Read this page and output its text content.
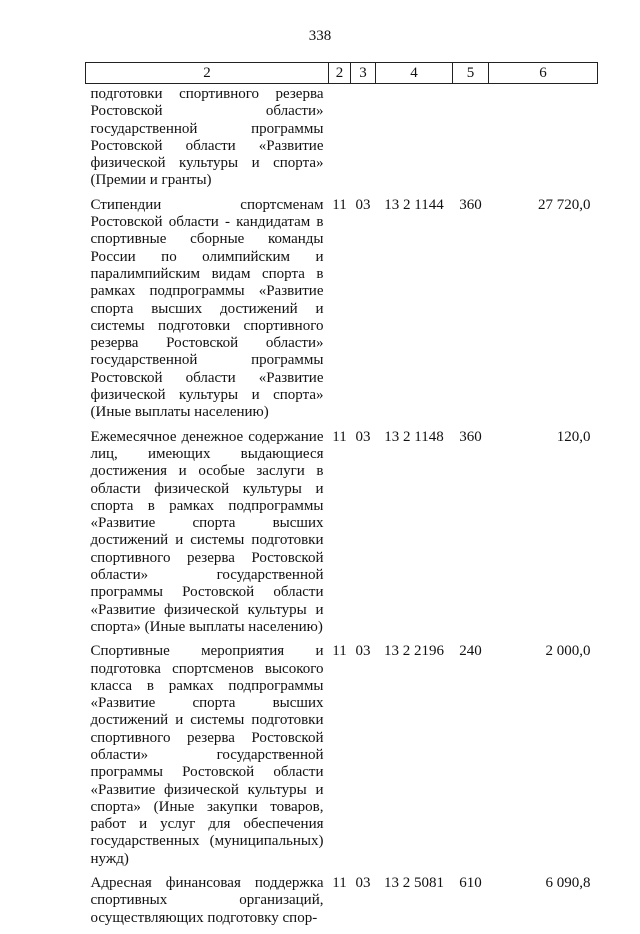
338
2	2	3	4	5	6
подготовки спортивного резерва Ростовской области» государственной программы Ростовской области «Развитие физической культуры и спорта» (Премии и гранты)					
Стипендии спортсменам Ростовской области - кандидатам в спортивные сборные команды России по олимпийским и паралимпийским видам спорта в рамках подпрограммы «Развитие спорта высших достижений и системы подготовки спортивного резерва Ростовской области» государственной программы Ростовской области «Развитие физической культуры и спорта» (Иные выплаты населению)	11	03	13 2 1144	360	27 720,0
Ежемесячное денежное содержание лиц, имеющих выдающиеся достижения и особые заслуги в области физической культуры и спорта в рамках подпрограммы «Развитие спорта высших достижений и системы подготовки спортивного резерва Ростовской области» государственной программы Ростовской области «Развитие физической культуры и спорта» (Иные выплаты населению)	11	03	13 2 1148	360	120,0
Спортивные мероприятия и подготовка спортсменов высокого класса в рамках подпрограммы «Развитие спорта высших достижений и системы подготовки спортивного резерва Ростовской области» государственной программы Ростовской области «Развитие физической культуры и спорта» (Иные закупки товаров, работ и услуг для обеспечения государственных (муниципальных) нужд)	11	03	13 2 2196	240	2 000,0
Адресная финансовая поддержка спортивных организаций, осуществляющих подготовку спор-	11	03	13 2 5081	610	6 090,8
